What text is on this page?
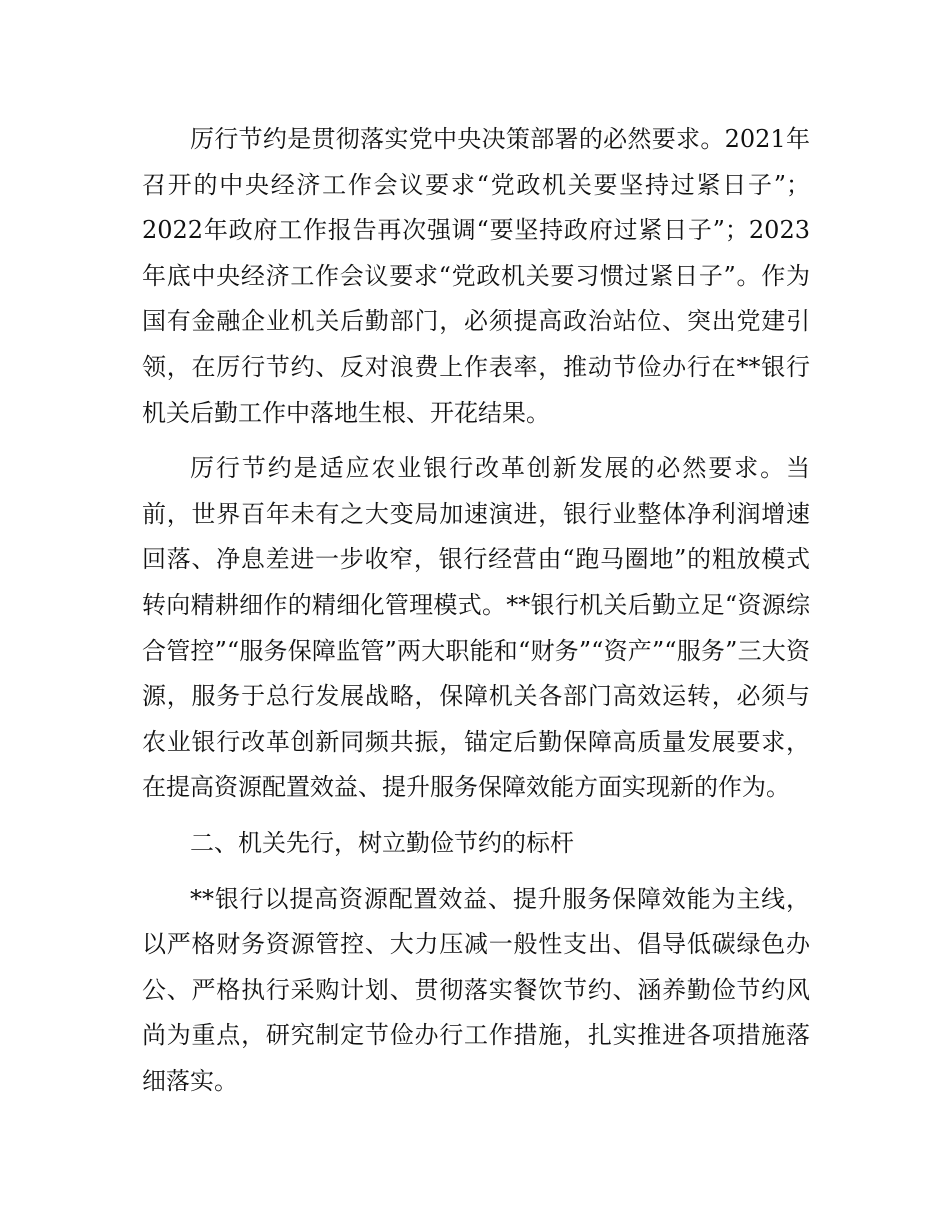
厉行节约是贯彻落实党中央决策部署的必然要求。2021年召开的中央经济工作会议要求“党政机关要坚持过紧日子”；2022年政府工作报告再次强调“要坚持政府过紧日子”；2023年底中央经济工作会议要求“党政机关要习惯过紧日子”。作为国有金融企业机关后勤部门，必须提高政治站位、突出党建引领，在厉行节约、反对浪费上作表率，推动节俭办行在**银行机关后勤工作中落地生根、开花结果。

厉行节约是适应农业银行改革创新发展的必然要求。当前，世界百年未有之大变局加速演进，银行业整体净利润增速回落、净息差进一步收窄，银行经营由“跑马圈地”的粗放模式转向精耕细作的精细化管理模式。**银行机关后勤立足“资源综合管控”“服务保障监管”两大职能和“财务”“资产”“服务”三大资源，服务于总行发展战略，保障机关各部门高效运转，必须与农业银行改革创新同频共振，锚定后勤保障高质量发展要求，在提高资源配置效益、提升服务保障效能方面实现新的作为。

二、机关先行，树立勤俭节约的标杆

**银行以提高资源配置效益、提升服务保障效能为主线，以严格财务资源管控、大力压减一般性支出、倡导低碳绿色办公、严格执行采购计划、贯彻落实餐饮节约、涵养勤俭节约风尚为重点，研究制定节俭办行工作措施，扎实推进各项措施落细落实。
